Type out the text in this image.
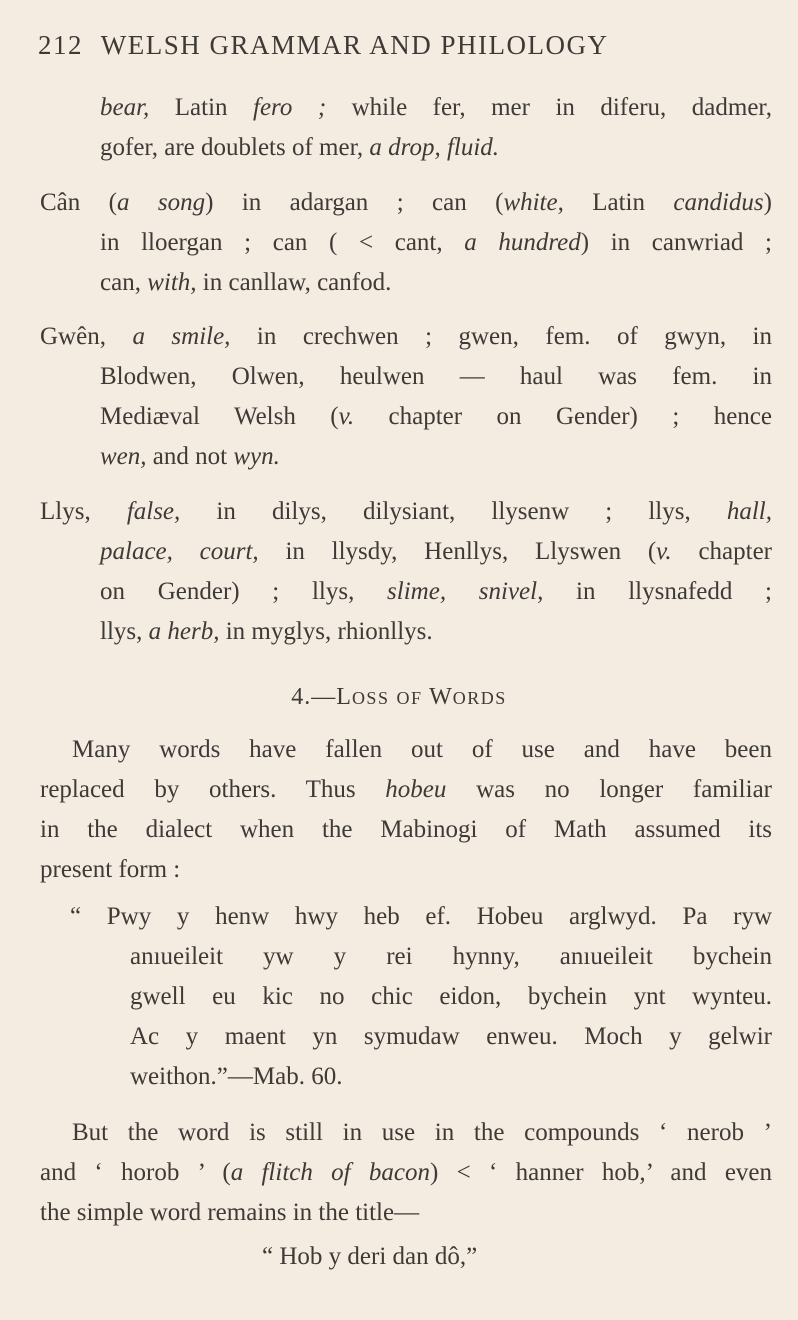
212 WELSH GRAMMAR AND PHILOLOGY
bear, Latin fero ; while fer, mer in diferu, dadmer,
gofer, are doublets of mer, a drop, fluid.
Cân (a song) in adargan ; can (white, Latin candidus)
in lloergan ; can ( < cant, a hundred) in canwriad ;
can, with, in canllaw, canfod.
Gwên, a smile, in crechwen ; gwen, fem. of gwyn, in
Blodwen, Olwen, heulwen — haul was fem. in
Mediæval Welsh (v. chapter on Gender) ; hence
wen, and not wyn.
Llys, false, in dilys, dilysiant, llysenw ; llys, hall,
palace, court, in llysdy, Henllys, Llyswen (v. chapter
on Gender) ; llys, slime, snivel, in llysnafedd ;
llys, a herb, in myglys, rhionllys.
4.—LOSS OF WORDS
Many words have fallen out of use and have been
replaced by others. Thus hobeu was no longer familiar
in the dialect when the Mabinogi of Math assumed its
present form :
“ Pwy y henw hwy heb ef. Hobeu arglwyd. Pa ryw
anıueileit yw y rei hynny, anıueileit bychein
gwell eu kic no chic eidon, bychein ynt wynteu.
Ac y maent yn symudaw enweu. Moch y gelwir
weithon.”—Mab. 60.
But the word is still in use in the compounds ‘ nerob ’
and ‘ horob ’ (a flitch of bacon) < ‘ hanner hob,’ and even
the simple word remains in the title—
“ Hob y deri dan dô,”
